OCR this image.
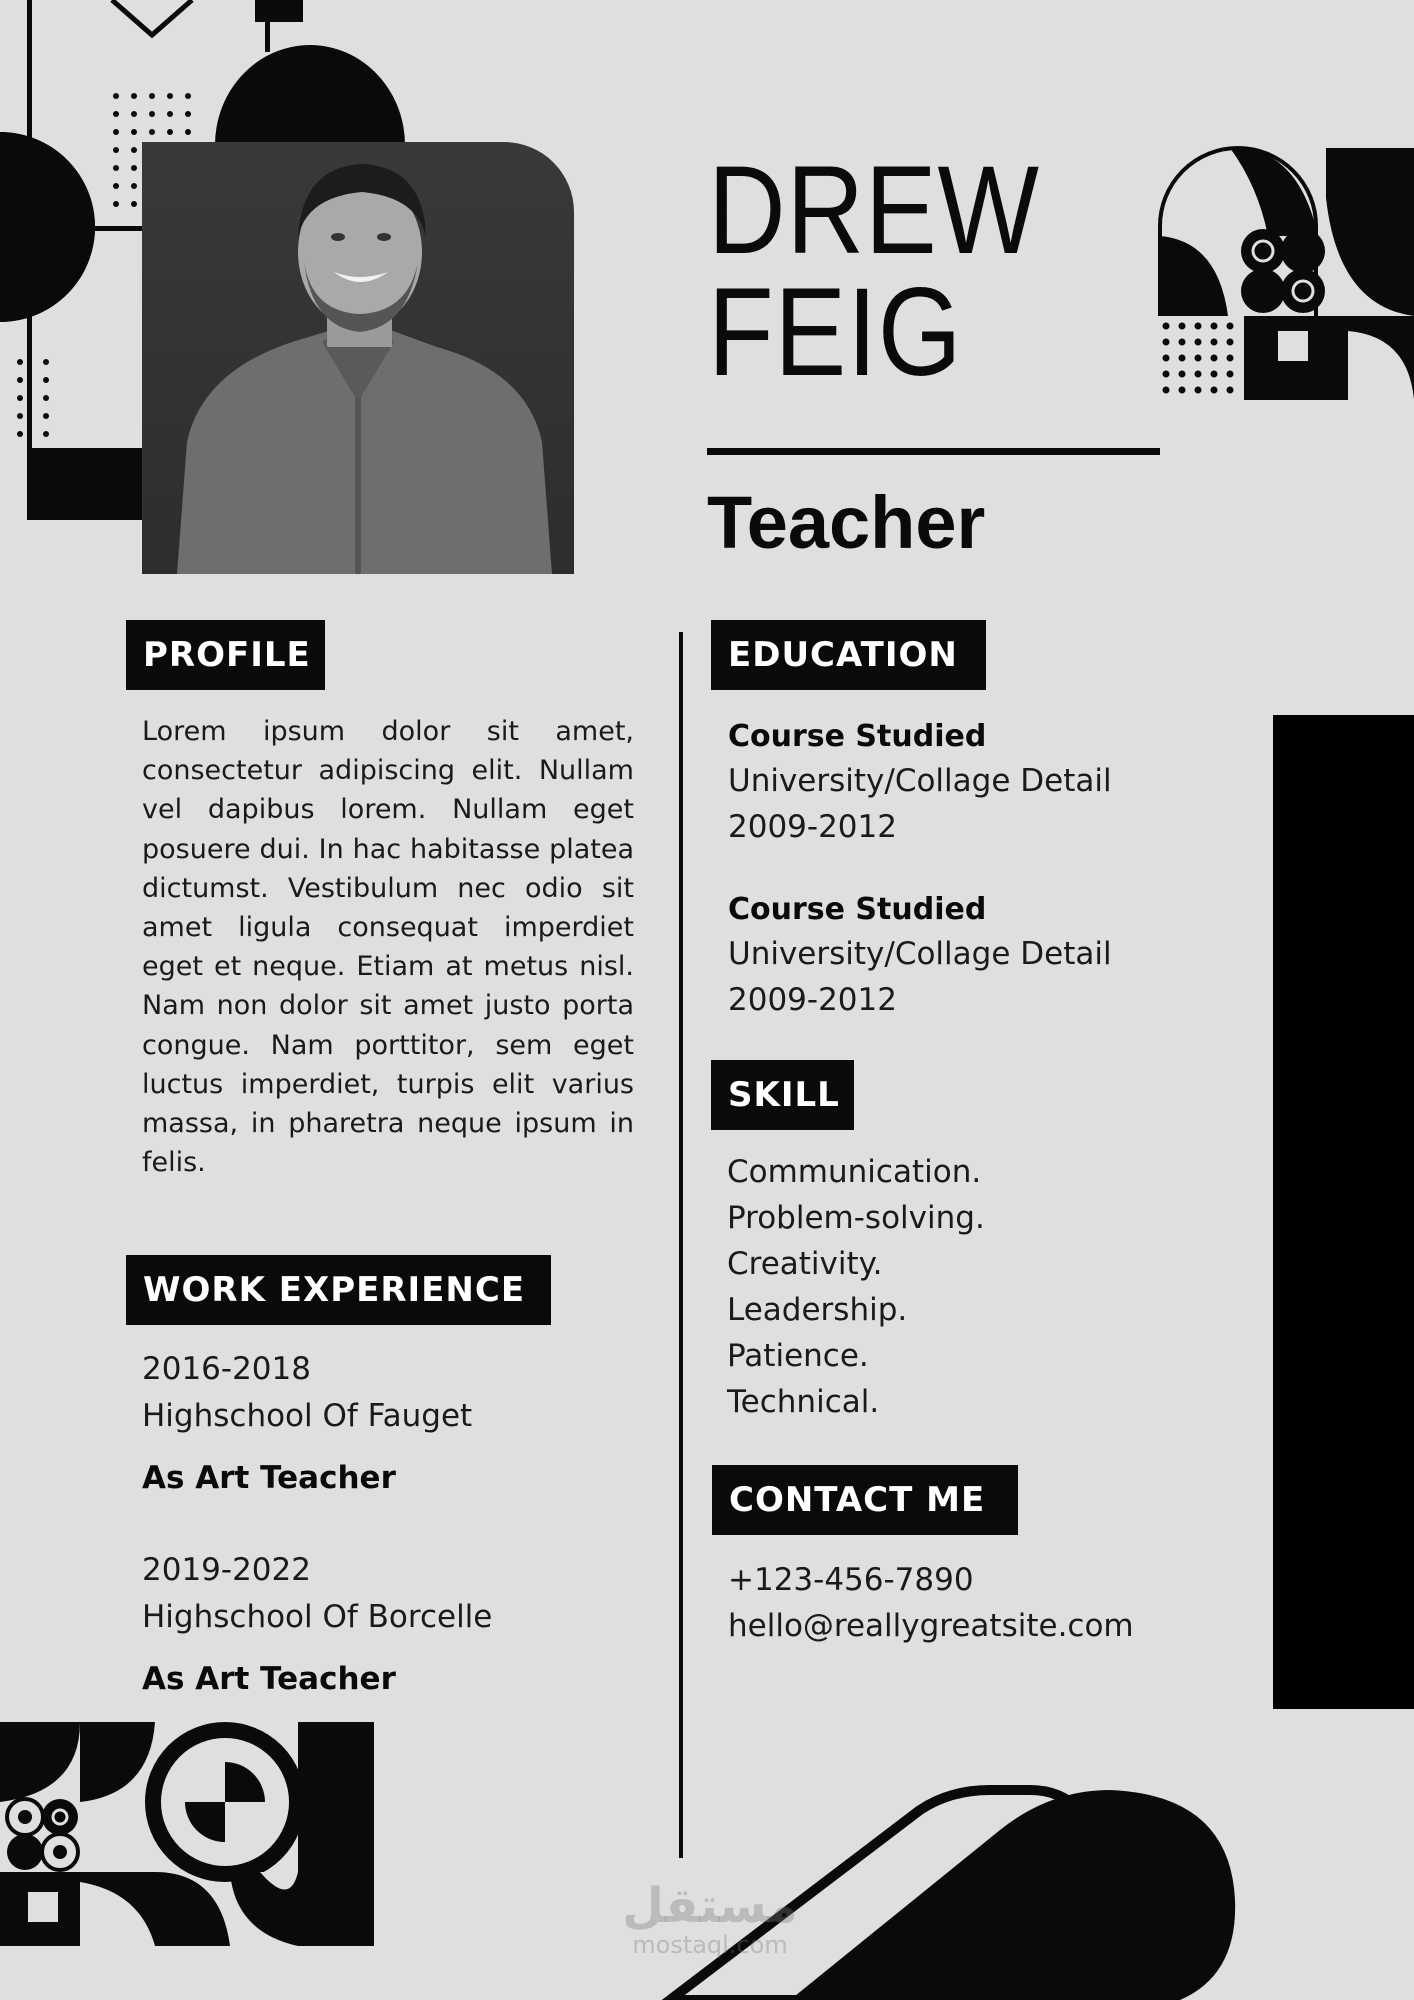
DREW
FEIG
Teacher
PROFILE
Lorem ipsum dolor sit amet, consectetur adipiscing elit. Nullam vel dapibus lorem. Nullam eget posuere dui. In hac habitasse platea dictumst. Vestibulum nec odio sit amet ligula consequat imperdiet eget et neque. Etiam at metus nisl. Nam non dolor sit amet justo porta congue. Nam porttitor, sem eget luctus imperdiet, turpis elit varius massa, in pharetra neque ipsum in felis.
WORK EXPERIENCE
2016-2018
Highschool Of Fauget
As Art Teacher
2019-2022
Highschool Of Borcelle
As Art Teacher
EDUCATION
Course Studied
University/Collage Detail
2009-2012
Course Studied
University/Collage Detail
2009-2012
SKILL
Communication.
Problem-solving.
Creativity.
Leadership.
Patience.
Technical.
CONTACT ME
+123-456-7890
hello@reallygreatsite.com
مستقل
mostaql.com
